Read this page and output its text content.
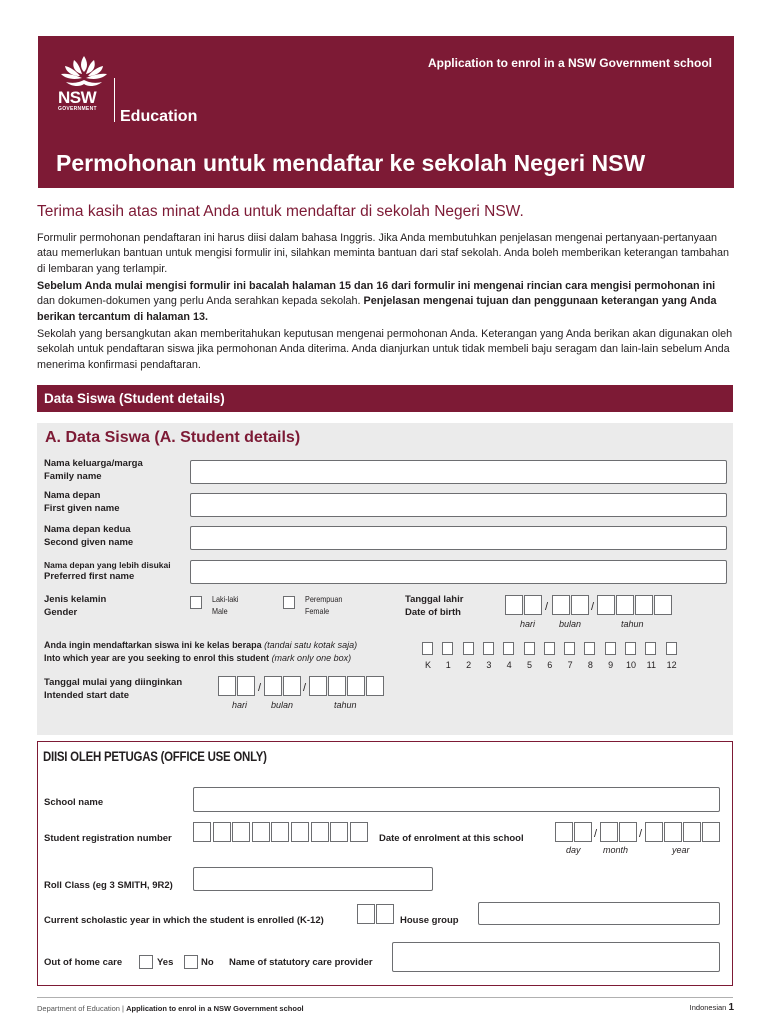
NSW
GOVERNMENT Education
Application to enrol in a NSW Government school
Permohonan untuk mendaftar ke sekolah Negeri NSW
Terima kasih atas minat Anda untuk mendaftar di sekolah Negeri NSW.
Formulir permohonan pendaftaran ini harus diisi dalam bahasa Inggris. Jika Anda membutuhkan penjelasan mengenai pertanyaan-pertanyaan atau memerlukan bantuan untuk mengisi formulir ini, silahkan meminta bantuan dari staf sekolah. Anda boleh memberikan keterangan tambahan di lembaran yang terlampir.
Sebelum Anda mulai mengisi formulir ini bacalah halaman 15 dan 16 dari formulir ini mengenai rincian cara mengisi permohonan ini dan dokumen-dokumen yang perlu Anda serahkan kepada sekolah. Penjelasan mengenai tujuan dan penggunaan keterangan yang Anda berikan tercantum di halaman 13.
Sekolah yang bersangkutan akan memberitahukan keputusan mengenai permohonan Anda. Keterangan yang Anda berikan akan digunakan oleh sekolah untuk pendaftaran siswa jika permohonan Anda diterima. Anda dianjurkan untuk tidak membeli baju seragam dan lain-lain sebelum Anda menerima konfirmasi pendaftaran.
Data Siswa (Student details)
A. Data Siswa (A. Student details)
Nama keluarga/marga
Family name
Nama depan
First given name
Nama depan kedua
Second given name
Nama depan yang lebih disukai
Preferred first name
Jenis kelamin
Gender
Laki-laki
Male
Perempuan
Female
Tanggal lahir
Date of birth	/	/
hari	bulan	tahun
Anda ingin mendaftarkan siswa ini ke kelas berapa (tandai satu kotak saja)
Into which year are you seeking to enrol this student (mark only one box)
K	1	2	3	4	5	6	7	8	9	10	11	12
Tanggal mulai yang diinginkan
Intended start date
/	/
hari	bulan	tahun
DIISI OLEH PETUGAS (OFFICE USE ONLY)
School name
Student registration number	Date of enrolment at this school	/	/
day month	year
Roll Class (eg 3 SMITH, 9R2)
Current scholastic year in which the student is enrolled (K-12)	House group
Out of home care	Yes	No Name of statutory care provider
Department of Education | Application to enrol in a NSW Government school	Indonesian 1
